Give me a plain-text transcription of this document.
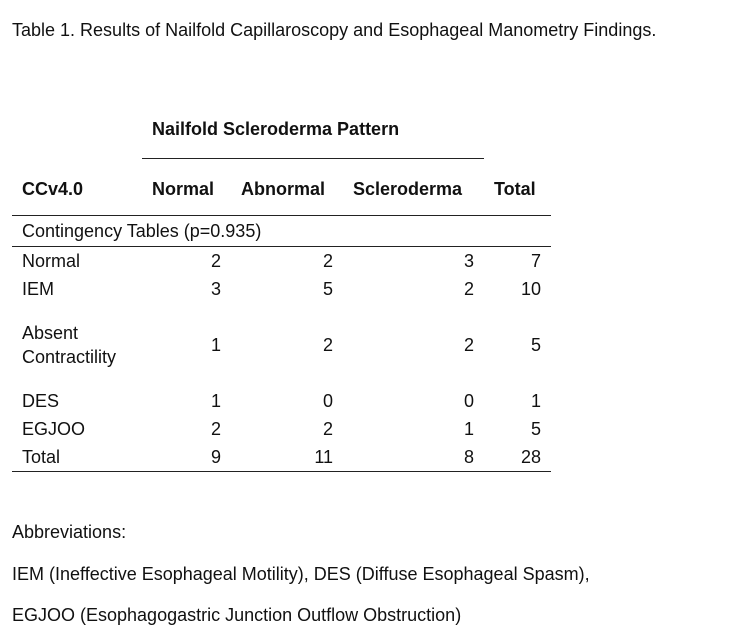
Table 1. Results of Nailfold Capillaroscopy and Esophageal Manometry Findings.
Nailfold Scleroderma Pattern
CCv4.0	Normal	Abnormal	Scleroderma	Total
Contingency Tables (p=0.935)				
Normal	2	2	3	7
IEM	3	5	2	10
Absent Contractility	1	2	2	5
DES	1	0	0	1
EGJOO	2	2	1	5
Total	9	11	8	28
Abbreviations:
IEM (Ineffective Esophageal Motility), DES (Diffuse Esophageal Spasm),
EGJOO (Esophagogastric Junction Outflow Obstruction)
